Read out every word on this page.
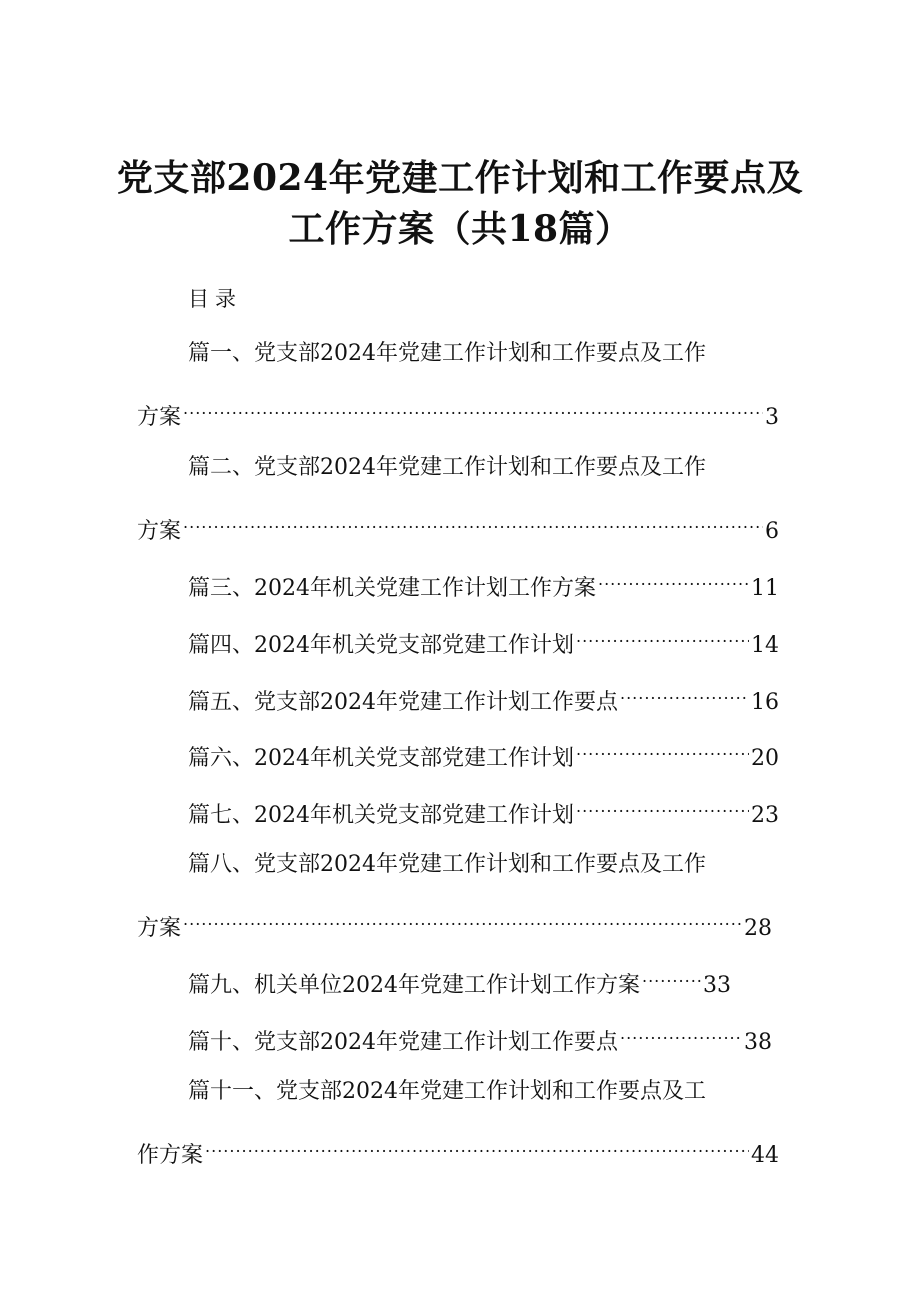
党支部2024年党建工作计划和工作要点及
工作方案（共18篇）
目录
篇一、党支部2024年党建工作计划和工作要点及工作
方案 .....	3
篇二、党支部2024年党建工作计划和工作要点及工作
方案 .....	6
篇三、2024年机关党建工作计划工作方案 .....	11
篇四、2024年机关党支部党建工作计划 .....	14
篇五、党支部2024年党建工作计划工作要点 .....	16
篇六、2024年机关党支部党建工作计划 .....	20
篇七、2024年机关党支部党建工作计划 .....	23
篇八、党支部2024年党建工作计划和工作要点及工作
方案 .....	28
篇九、机关单位2024年党建工作计划工作方案 .....	33
篇十、党支部2024年党建工作计划工作要点 .....	38
篇十一、党支部2024年党建工作计划和工作要点及工
作方案 .....	44
